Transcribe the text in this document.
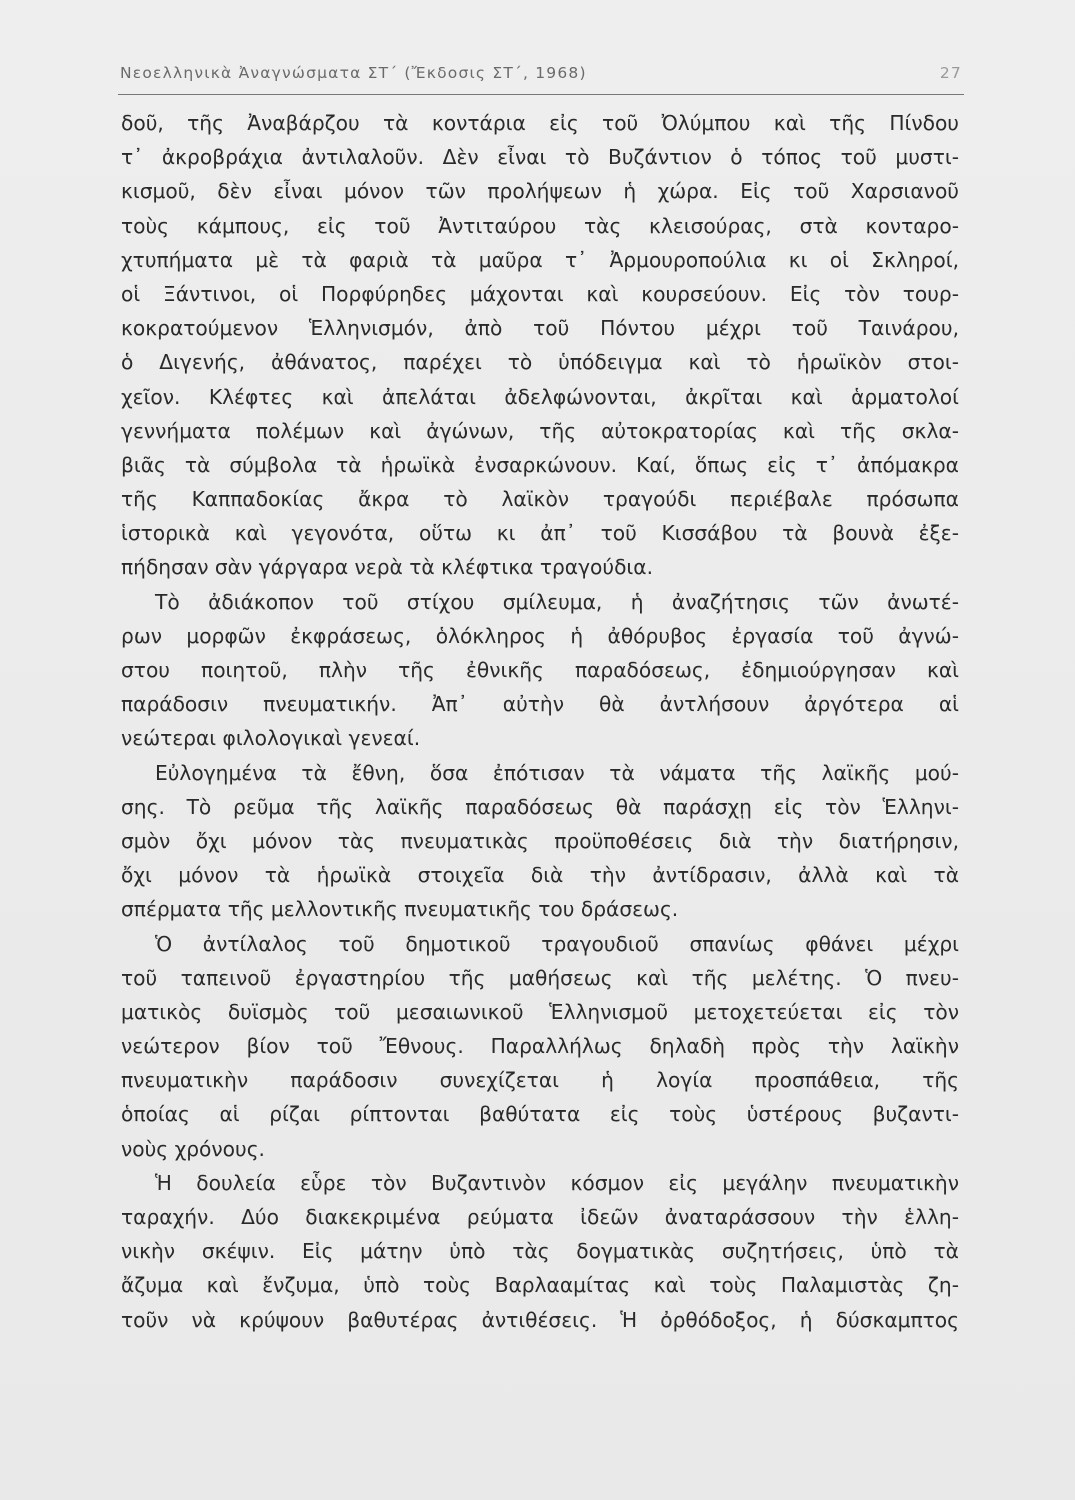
Νεοελληνικὰ Ἀναγνώσματα ΣΤ΄ (Ἔκδοσις ΣΤ΄, 1968)	27
δοῦ, τῆς Ἀναβάρζου τὰ κοντάρια εἰς τοῦ Ὀλύμπου καὶ τῆς Πίνδου
τ᾽ ἀκροβράχια ἀντιλαλοῦν. Δὲν εἶναι τὸ Βυζάντιον ὁ τόπος τοῦ μυστι-
κισμοῦ, δὲν εἶναι μόνον τῶν προλήψεων ἡ χώρα. Εἰς τοῦ Χαρσιανοῦ
τοὺς κάμπους, εἰς τοῦ Ἀντιταύρου τὰς κλεισούρας, στὰ κονταρο-
χτυπήματα μὲ τὰ φαριὰ τὰ μαῦρα τ᾽ Ἀρμουροπούλια κι οἱ Σκληροί,
οἱ Ξάντινοι, οἱ Πορφύρηδες μάχονται καὶ κουρσεύουν. Εἰς τὸν τουρ-
κοκρατούμενον Ἑλληνισμόν, ἀπὸ τοῦ Πόντου μέχρι τοῦ Ταινάρου,
ὁ Διγενής, ἀθάνατος, παρέχει τὸ ὑπόδειγμα καὶ τὸ ἡρωϊκὸν στοι-
χεῖον. Κλέφτες καὶ ἀπελάται ἀδελφώνονται, ἀκρῖται καὶ ἁρματολοί
γεννήματα πολέμων καὶ ἀγώνων, τῆς αὐτοκρατορίας καὶ τῆς σκλα-
βιᾶς τὰ σύμβολα τὰ ἡρωϊκὰ ἐνσαρκώνουν. Καί, ὅπως εἰς τ᾽ ἀπόμακρα
τῆς Καππαδοκίας ἄκρα τὸ λαϊκὸν τραγούδι περιέβαλε πρόσωπα
ἱστορικὰ καὶ γεγονότα, οὕτω κι ἀπ᾽ τοῦ Κισσάβου τὰ βουνὰ ἐξε-
πήδησαν σὰν γάργαρα νερὰ τὰ κλέφτικα τραγούδια.
Τὸ ἀδιάκοπον τοῦ στίχου σμίλευμα, ἡ ἀναζήτησις τῶν ἀνωτέ-
ρων μορφῶν ἐκφράσεως, ὁλόκληρος ἡ ἀθόρυβος ἐργασία τοῦ ἀγνώ-
στου ποιητοῦ, πλὴν τῆς ἐθνικῆς παραδόσεως, ἐδημιούργησαν καὶ
παράδοσιν πνευματικήν. Ἀπ᾽ αὐτὴν θὰ ἀντλήσουν ἀργότερα αἱ
νεώτεραι φιλολογικαὶ γενεαί.
Εὐλογημένα τὰ ἔθνη, ὅσα ἐπότισαν τὰ νάματα τῆς λαϊκῆς μού-
σης. Τὸ ρεῦμα τῆς λαϊκῆς παραδόσεως θὰ παράσχῃ εἰς τὸν Ἑλληνι-
σμὸν ὄχι μόνον τὰς πνευματικὰς προϋποθέσεις διὰ τὴν διατήρησιν,
ὄχι μόνον τὰ ἡρωϊκὰ στοιχεῖα διὰ τὴν ἀντίδρασιν, ἀλλὰ καὶ τὰ
σπέρματα τῆς μελλοντικῆς πνευματικῆς του δράσεως.
Ὁ ἀντίλαλος τοῦ δημοτικοῦ τραγουδιοῦ σπανίως φθάνει μέχρι
τοῦ ταπεινοῦ ἐργαστηρίου τῆς μαθήσεως καὶ τῆς μελέτης. Ὁ πνευ-
ματικὸς δυϊσμὸς τοῦ μεσαιωνικοῦ Ἑλληνισμοῦ μετοχετεύεται εἰς τὸν
νεώτερον βίον τοῦ Ἔθνους. Παραλλήλως δηλαδὴ πρὸς τὴν λαϊκὴν
πνευματικὴν παράδοσιν συνεχίζεται ἡ λογία προσπάθεια, τῆς
ὁποίας αἱ ρίζαι ρίπτονται βαθύτατα εἰς τοὺς ὑστέρους βυζαντι-
νοὺς χρόνους.
Ἡ δουλεία εὗρε τὸν Βυζαντινὸν κόσμον εἰς μεγάλην πνευματικὴν
ταραχήν. Δύο διακεκριμένα ρεύματα ἰδεῶν ἀναταράσσουν τὴν ἑλλη-
νικὴν σκέψιν. Εἰς μάτην ὑπὸ τὰς δογματικὰς συζητήσεις, ὑπὸ τὰ
ἄζυμα καὶ ἔνζυμα, ὑπὸ τοὺς Βαρλααμίτας καὶ τοὺς Παλαμιστὰς ζη-
τοῦν νὰ κρύψουν βαθυτέρας ἀντιθέσεις. Ἡ ὀρθόδοξος, ἡ δύσκαμπτος
